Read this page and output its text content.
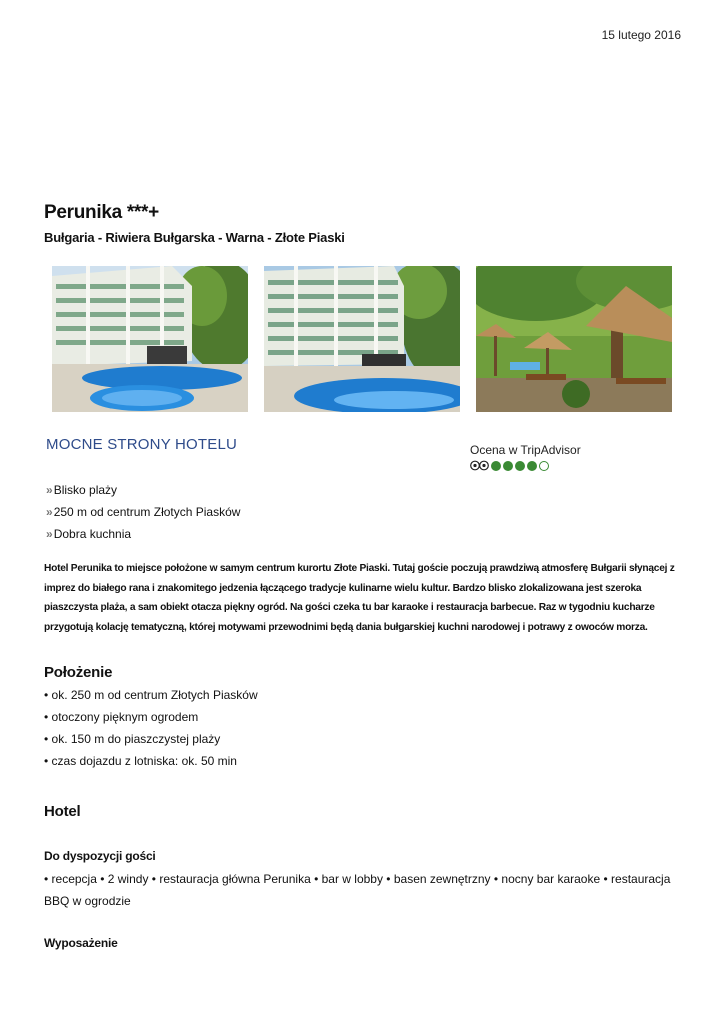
15 lutego 2016
Perunika ***+
Bułgaria - Riwiera Bułgarska - Warna - Złote Piaski
MOCNE STRONY HOTELU	Ocena w TripAdvisor
»Blisko plaży
»250 m od centrum Złotych Piasków
»Dobra kuchnia

Hotel Perunika to miejsce położone w samym centrum kurortu Złote Piaski. Tutaj goście poczują prawdziwą atmosferę Bułgarii słynącej z imprez do białego rana i znakomitego jedzenia łączącego tradycje kulinarne wielu kultur. Bardzo blisko zlokalizowana jest szeroka piaszczysta plaża, a sam obiekt otacza piękny ogród. Na gości czeka tu bar karaoke i restauracja barbecue. Raz w tygodniu kucharze przygotują kolację tematyczną, której motywami przewodnimi będą dania bułgarskiej kuchni narodowej i potrawy z owoców morza.

Położenie
• ok. 250 m od centrum Złotych Piasków
• otoczony pięknym ogrodem
• ok. 150 m do piaszczystej plaży
• czas dojazdu z lotniska: ok. 50 min
Hotel
Do dyspozycji gości

• recepcja • 2 windy • restauracja główna Perunika • bar w lobby • basen zewnętrzny • nocny bar karaoke • restauracja BBQ w ogrodzie

Wyposażenie
